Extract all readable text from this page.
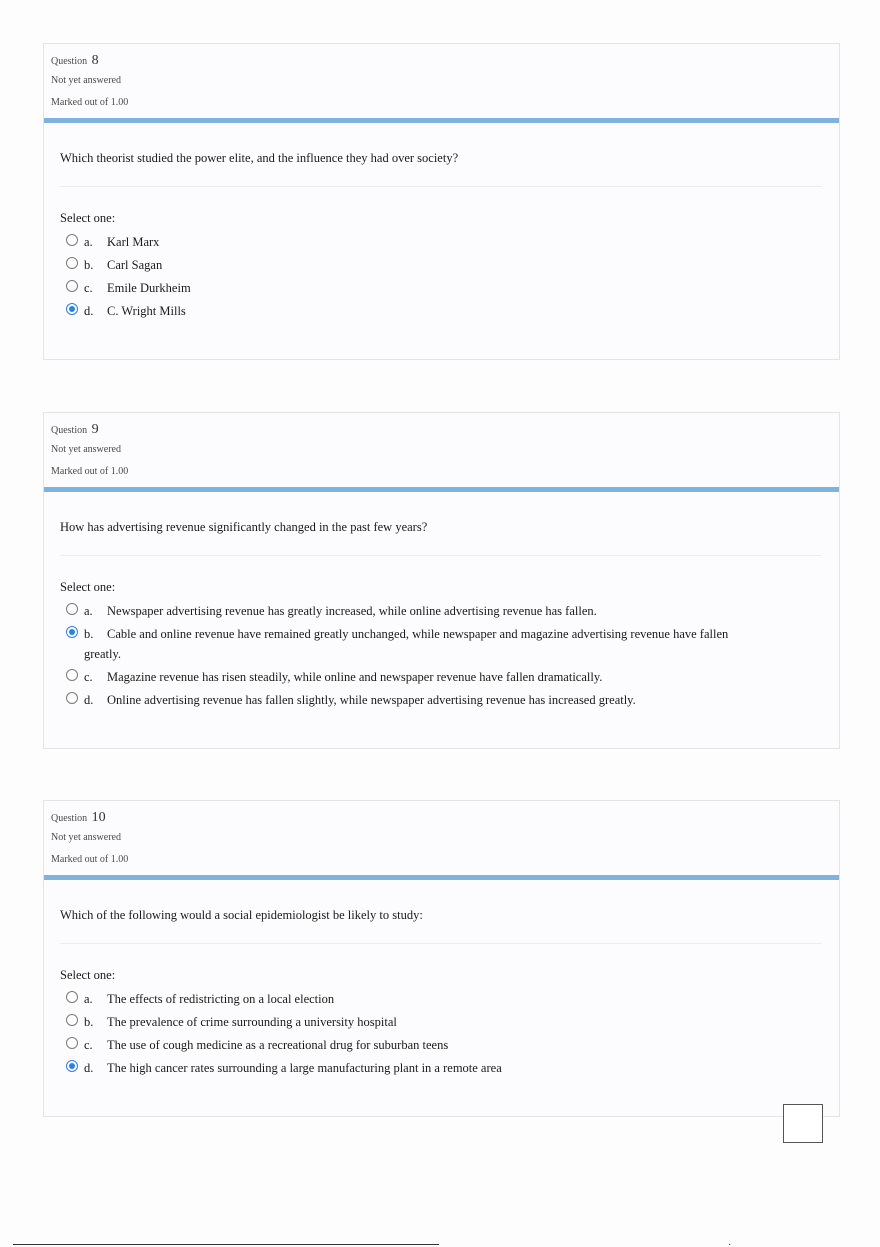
Question 8
Not yet answered
Marked out of 1.00
Which theorist studied the power elite, and the influence they had over society?
Select one:
a.	Karl Marx
b.	Carl Sagan
c.	Emile Durkheim
d.	C. Wright Mills
Question 9
Not yet answered
Marked out of 1.00
How has advertising revenue significantly changed in the past few years?
Select one:
a.	Newspaper advertising revenue has greatly increased, while online advertising revenue has fallen.
b.	Cable and online revenue have remained greatly unchanged, while newspaper and magazine advertising revenue have fallen
greatly.
c.	Magazine revenue has risen steadily, while online and newspaper revenue have fallen dramatically.
d.	Online advertising revenue has fallen slightly, while newspaper advertising revenue has increased greatly.
Question 10
Not yet answered
Marked out of 1.00
Which of the following would a social epidemiologist be likely to study:
Select one:
a.	The effects of redistricting on a local election
b.	The prevalence of crime surrounding a university hospital
c.	The use of cough medicine as a recreational drug for suburban teens
d.	The high cancer rates surrounding a large manufacturing plant in a remote area
·
